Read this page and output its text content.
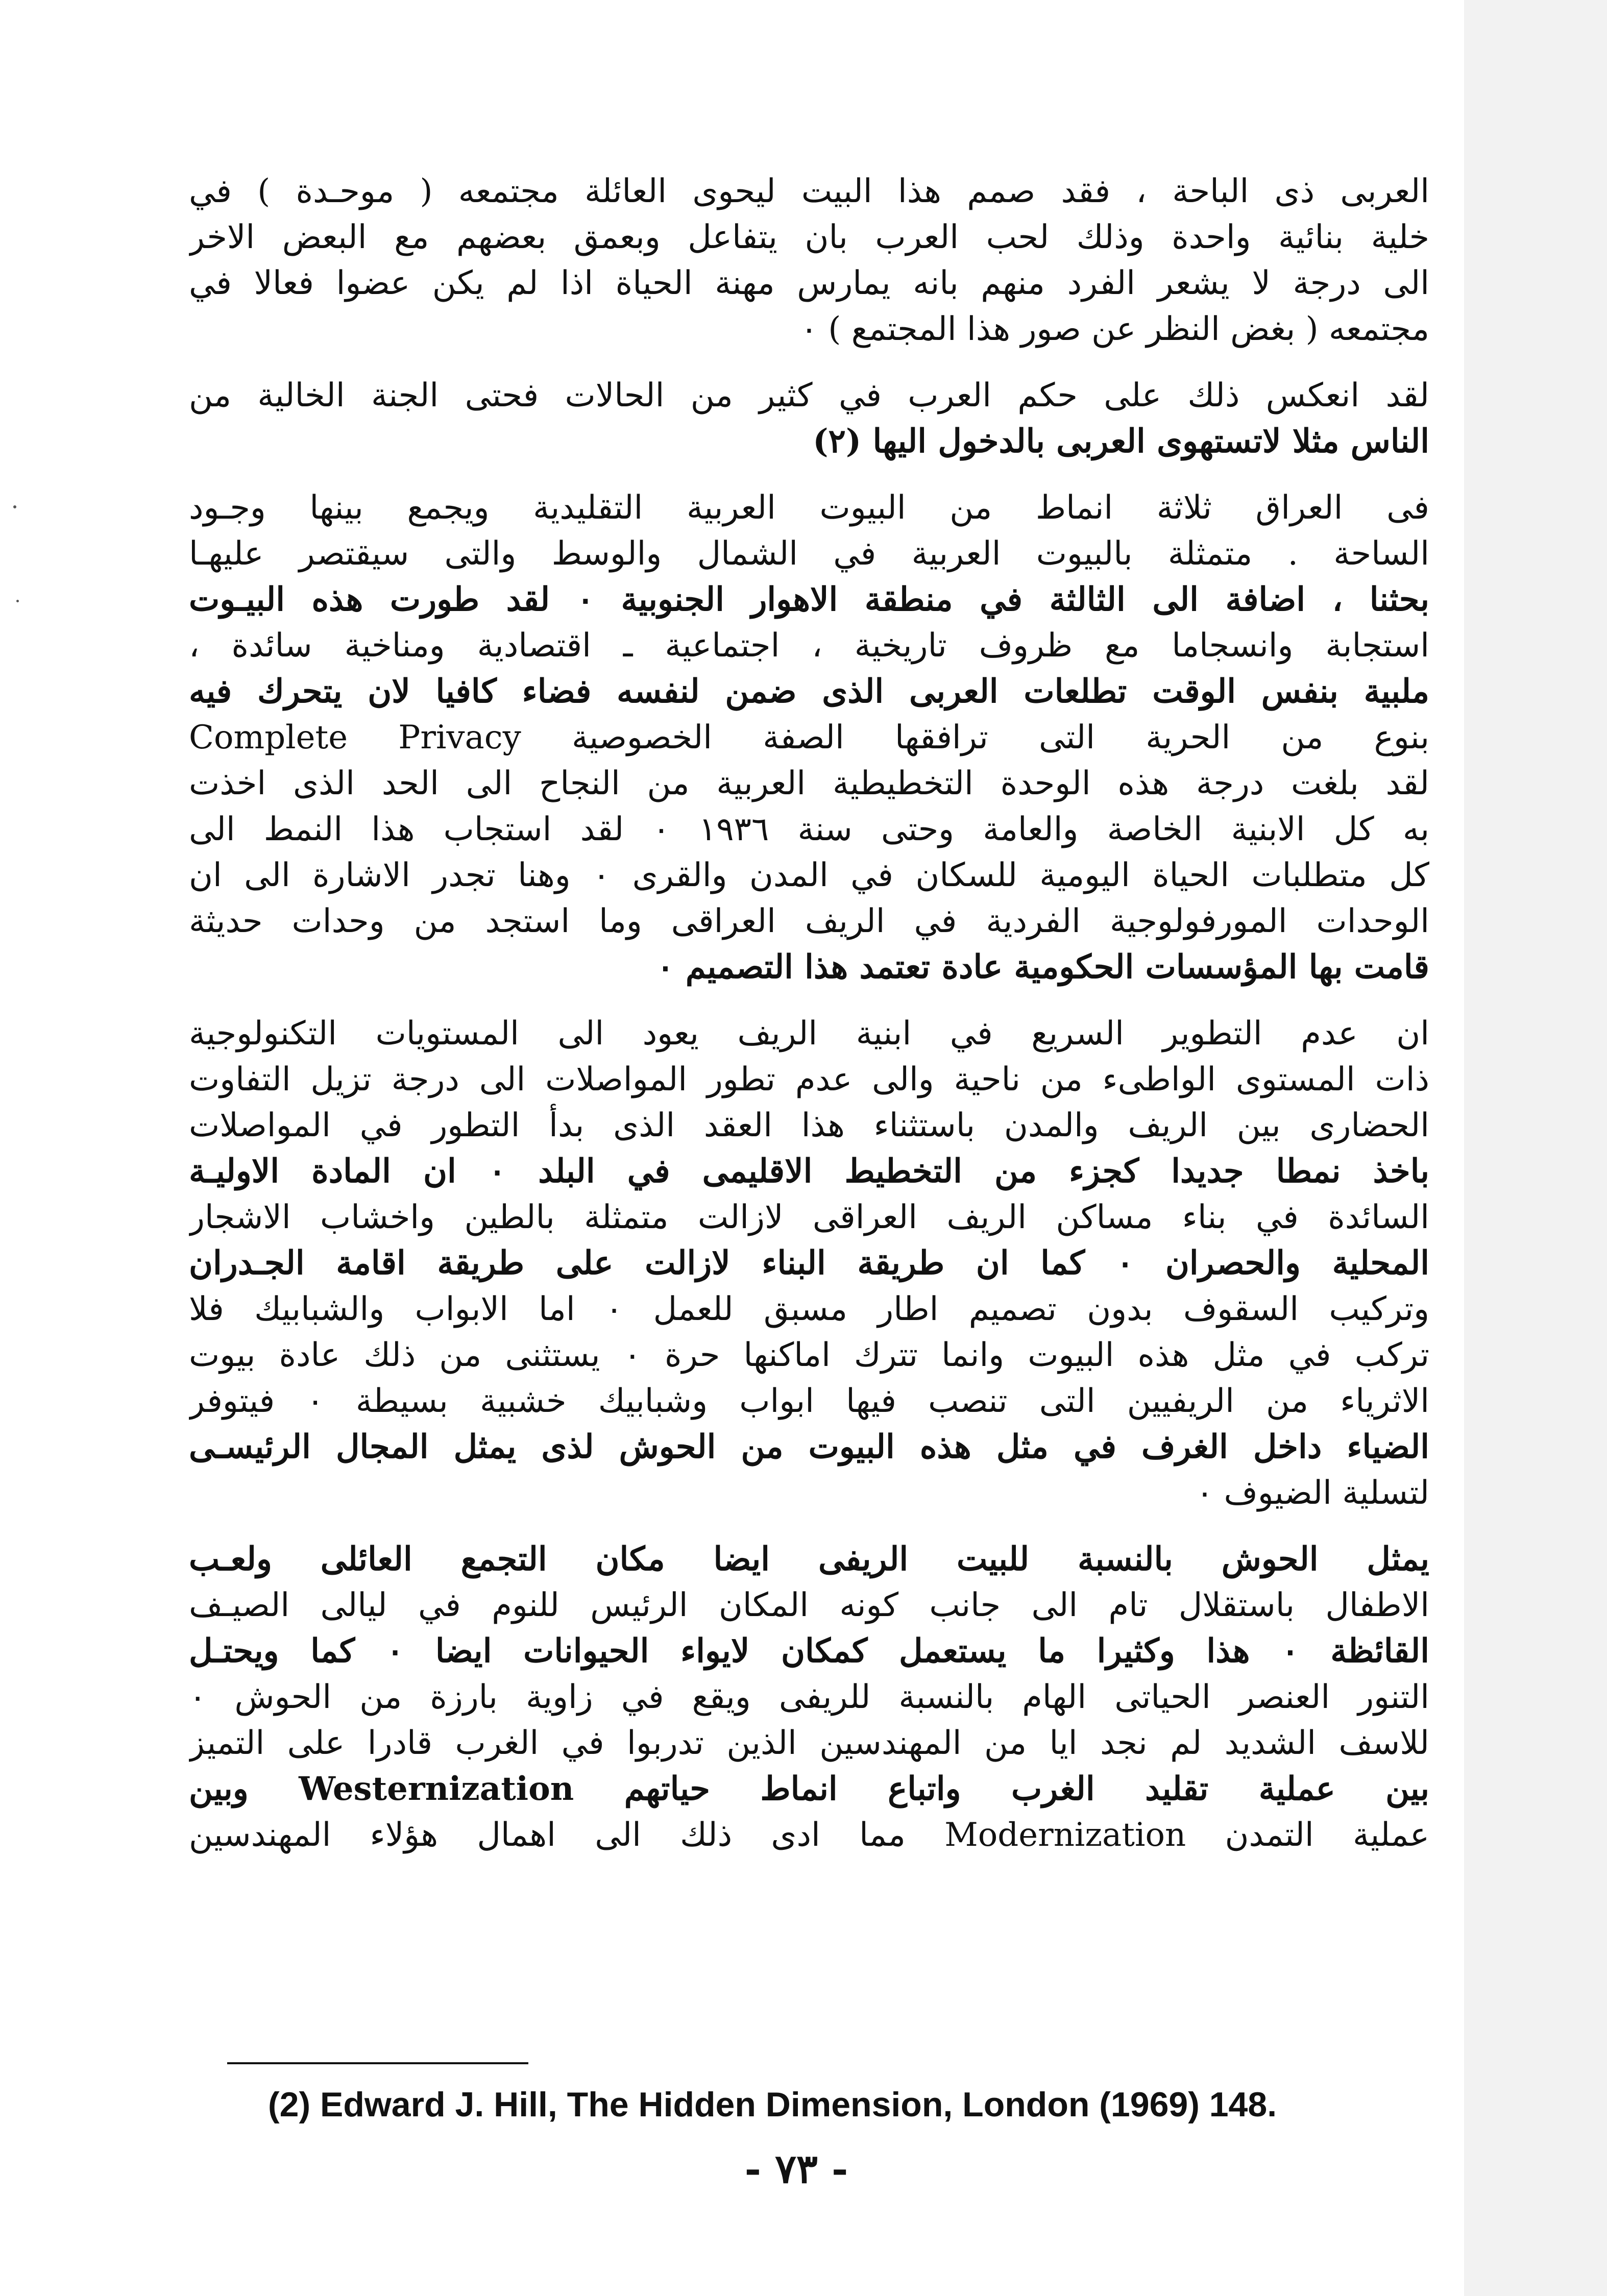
العربى ذى الباحة ، فقد صمم هذا البيت ليحوى العائلة مجتمعه ( موحـدة ) في
خلية بنائية واحدة وذلك لحب العرب بان يتفاعل وبعمق بعضهم مع البعض الاخر
الى درجة لا يشعر الفرد منهم بانه يمارس مهنة الحياة اذا لم يكن عضوا فعالا في
مجتمعه ( بغض النظر عن صور هذا المجتمع ) ٠
لقد انعكس ذلك على حكم العرب في كثير من الحالات فحتى الجنة الخالية من
الناس مثلا لاتستهوى العربى بالدخول اليها (٢)
فى العراق ثلاثة انماط من البيوت العربية التقليدية ويجمع بينها وجـود
الساحة . متمثلة بالبيوت العربية في الشمال والوسط والتى سيقتصر عليهـا
بحثنا ، اضافة الى الثالثة في منطقة الاهوار الجنوبية ٠ لقد طورت هذه البيـوت
استجابة وانسجاما مع ظروف تاريخية ، اجتماعية ـ اقتصادية ومناخية سائدة ،
ملبية بنفس الوقت تطلعات العربى الذى ضمن لنفسه فضاء كافيا لان يتحرك فيه
بنوع من الحرية التى ترافقها الصفة الخصوصية Complete Privacy
لقد بلغت درجة هذه الوحدة التخطيطية العربية من النجاح الى الحد الذى اخذت
به كل الابنية الخاصة والعامة وحتى سنة ١٩٣٦ ٠ لقد استجاب هذا النمط الى
كل متطلبات الحياة اليومية للسكان في المدن والقرى ٠ وهنا تجدر الاشارة الى ان
الوحدات المورفولوجية الفردية في الريف العراقى وما استجد من وحدات حديثة
قامت بها المؤسسات الحكومية عادة تعتمد هذا التصميم ٠
ان عدم التطوير السريع في ابنية الريف يعود الى المستويات التكنولوجية
ذات المستوى الواطىء من ناحية والى عدم تطور المواصلات الى درجة تزيل التفاوت
الحضارى بين الريف والمدن باستثناء هذا العقد الذى بدأ التطور في المواصلات
باخذ نمطا جديدا كجزء من التخطيط الاقليمى في البلد ٠ ان المادة الاوليـة
السائدة في بناء مساكن الريف العراقى لازالت متمثلة بالطين واخشاب الاشجار
المحلية والحصران ٠ كما ان طريقة البناء لازالت على طريقة اقامة الجـدران
وتركيب السقوف بدون تصميم اطار مسبق للعمل ٠ اما الابواب والشبابيك فلا
تركب في مثل هذه البيوت وانما تترك اماكنها حرة ٠ يستثنى من ذلك عادة بيوت
الاثرياء من الريفيين التى تنصب فيها ابواب وشبابيك خشبية بسيطة ٠ فيتوفر
الضياء داخل الغرف في مثل هذه البيوت من الحوش لذى يمثل المجال الرئيسـى
لتسلية الضيوف ٠
يمثل الحوش بالنسبة للبيت الريفى ايضا مكان التجمع العائلى ولعـب
الاطفال باستقلال تام الى جانب كونه المكان الرئيس للنوم في ليالى الصيـف
القائظة ٠ هذا وكثيرا ما يستعمل كمكان لايواء الحيوانات ايضا ٠ كما ويحتـل
التنور العنصر الحياتى الهام بالنسبة للريفى ويقع في زاوية بارزة من الحوش ٠
للاسف الشديد لم نجد ايا من المهندسين الذين تدربوا في الغرب قادرا على التميز
بين عملية تقليد الغرب واتباع انماط حياتهم Westernization وبين
عملية التمدن Modernization مما ادى ذلك الى اهمال هؤلاء المهندسين
(2) Edward J. Hill, The Hidden Dimension, London (1969) 148.
- ٧٣ -
